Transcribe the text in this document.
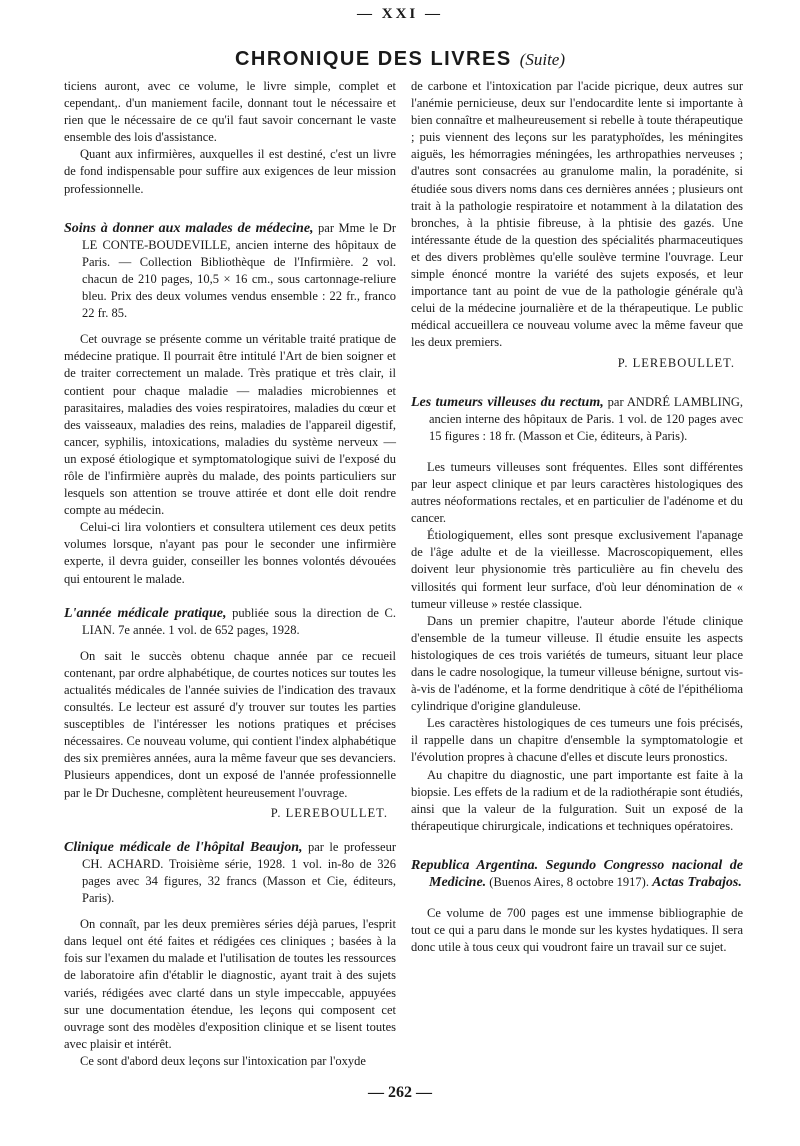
— XXI —
CHRONIQUE DES LIVRES (Suite)

ticiens auront, avec ce volume, le livre simple, complet et cependant,. d'un maniement facile, donnant tout le nécessaire et rien que le nécessaire de ce qu'il faut savoir concernant le vaste ensemble des lois d'assistance.

Quant aux infirmières, auxquelles il est destiné, c'est un livre de fond indispensable pour suffire aux exigences de leur mission professionnelle.

Soins à donner aux malades de médecine, par Mme le Dr LE CONTE-BOUDEVILLE, ancien interne des hôpitaux de Paris. — Collection Bibliothèque de l'Infirmière. 2 vol. chacun de 210 pages, 10,5 × 16 cm., sous cartonnage-reliure bleu. Prix des deux volumes vendus ensemble : 22 fr., franco 22 fr. 85.

Cet ouvrage se présente comme un véritable traité pratique de médecine pratique. Il pourrait être intitulé l'Art de bien soigner et de traiter correctement un malade. Très pratique et très clair, il contient pour chaque maladie — maladies microbiennes et parasitaires, maladies des voies respiratoires, maladies du cœur et des vaisseaux, maladies des reins, maladies de l'appareil digestif, cancer, syphilis, intoxications, maladies du système nerveux — un exposé étiologique et symptomatologique suivi de l'exposé du rôle de l'infirmière auprès du malade, des points particuliers sur lesquels son attention se trouve attirée et dont elle doit rendre compte au médecin.

Celui-ci lira volontiers et consultera utilement ces deux petits volumes lorsque, n'ayant pas pour le seconder une infirmière experte, il devra guider, conseiller les bonnes volontés dévouées qui entourent le malade.

L'année médicale pratique, publiée sous la direction de C. LIAN. 7e année. 1 vol. de 652 pages, 1928.

On sait le succès obtenu chaque année par ce recueil contenant, par ordre alphabétique, de courtes notices sur toutes les actualités médicales de l'année suivies de l'indication des travaux consultés. Le lecteur est assuré d'y trouver sur toutes les parties susceptibles de l'intéresser les notions pratiques et précises nécessaires. Ce nouveau volume, qui contient l'index alphabétique des six premières années, aura la même faveur que ses devanciers. Plusieurs appendices, dont un exposé de l'année professionnelle par le Dr Duchesne, complètent heureusement l'ouvrage.

P. LEREBOULLET.

Clinique médicale de l'hôpital Beaujon, par le professeur CH. ACHARD. Troisième série, 1928. 1 vol. in-8o de 326 pages avec 34 figures, 32 francs (Masson et Cie, éditeurs, Paris).

On connaît, par les deux premières séries déjà parues, l'esprit dans lequel ont été faites et rédigées ces cliniques ; basées à la fois sur l'examen du malade et l'utilisation de toutes les ressources de laboratoire afin d'établir le diagnostic, ayant trait à des sujets variés, rédigées avec clarté dans un style impeccable, appuyées sur une documentation étendue, les leçons qui composent cet ouvrage sont des modèles d'exposition clinique et se lisent toutes avec plaisir et intérêt.

Ce sont d'abord deux leçons sur l'intoxication par l'oxyde

de carbone et l'intoxication par l'acide picrique, deux autres sur l'anémie pernicieuse, deux sur l'endocardite lente si importante à bien connaître et malheureusement si rebelle à toute thérapeutique ; puis viennent des leçons sur les paratyphoïdes, les méningites aiguës, les hémorragies méningées, les arthropathies nerveuses ; d'autres sont consacrées au granulome malin, la poradénite, si étudiée sous divers noms dans ces dernières années ; plusieurs ont trait à la pathologie respiratoire et notamment à la dilatation des bronches, à la phtisie fibreuse, à la phtisie des gazés. Une intéressante étude de la question des spécialités pharmaceutiques et des divers problèmes qu'elle soulève termine l'ouvrage. Leur simple énoncé montre la variété des sujets exposés, et leur importance tant au point de vue de la pathologie générale qu'à celui de la médecine journalière et de la thérapeutique. Le public médical accueillera ce nouveau volume avec la même faveur que les deux premiers.

P. LEREBOULLET.

Les tumeurs villeuses du rectum, par ANDRÉ LAMBLING, ancien interne des hôpitaux de Paris. 1 vol. de 120 pages avec 15 figures : 18 fr. (Masson et Cie, éditeurs, à Paris).

Les tumeurs villeuses sont fréquentes. Elles sont différentes par leur aspect clinique et par leurs caractères histologiques des autres néoformations rectales, et en particulier de l'adénome et du cancer.

Étiologiquement, elles sont presque exclusivement l'apanage de l'âge adulte et de la vieillesse. Macroscopiquement, elles doivent leur physionomie très particulière au fin chevelu des villosités qui forment leur surface, d'où leur dénomination de « tumeur villeuse » restée classique.

Dans un premier chapitre, l'auteur aborde l'étude clinique d'ensemble de la tumeur villeuse. Il étudie ensuite les aspects histologiques de ces trois variétés de tumeurs, situant leur place dans le cadre nosologique, la tumeur villeuse bénigne, surtout vis-à-vis de l'adénome, et la forme dendritique à côté de l'épithélioma cylindrique d'origine glanduleuse.

Les caractères histologiques de ces tumeurs une fois précisés, il rappelle dans un chapitre d'ensemble la symptomatologie et l'évolution propres à chacune d'elles et discute leurs pronostics.

Au chapitre du diagnostic, une part importante est faite à la biopsie. Les effets de la radium et de la radiothérapie sont étudiés, ainsi que la valeur de la fulguration. Suit un exposé de la thérapeutique chirurgicale, indications et techniques opératoires.

Republica Argentina. Segundo Congresso nacional de Medicine. (Buenos Aires, 8 octobre 1917). Actas Trabajos.

Ce volume de 700 pages est une immense bibliographie de tout ce qui a paru dans le monde sur les kystes hydatiques. Il sera donc utile à tous ceux qui voudront faire un travail sur ce sujet.

— 262 —
